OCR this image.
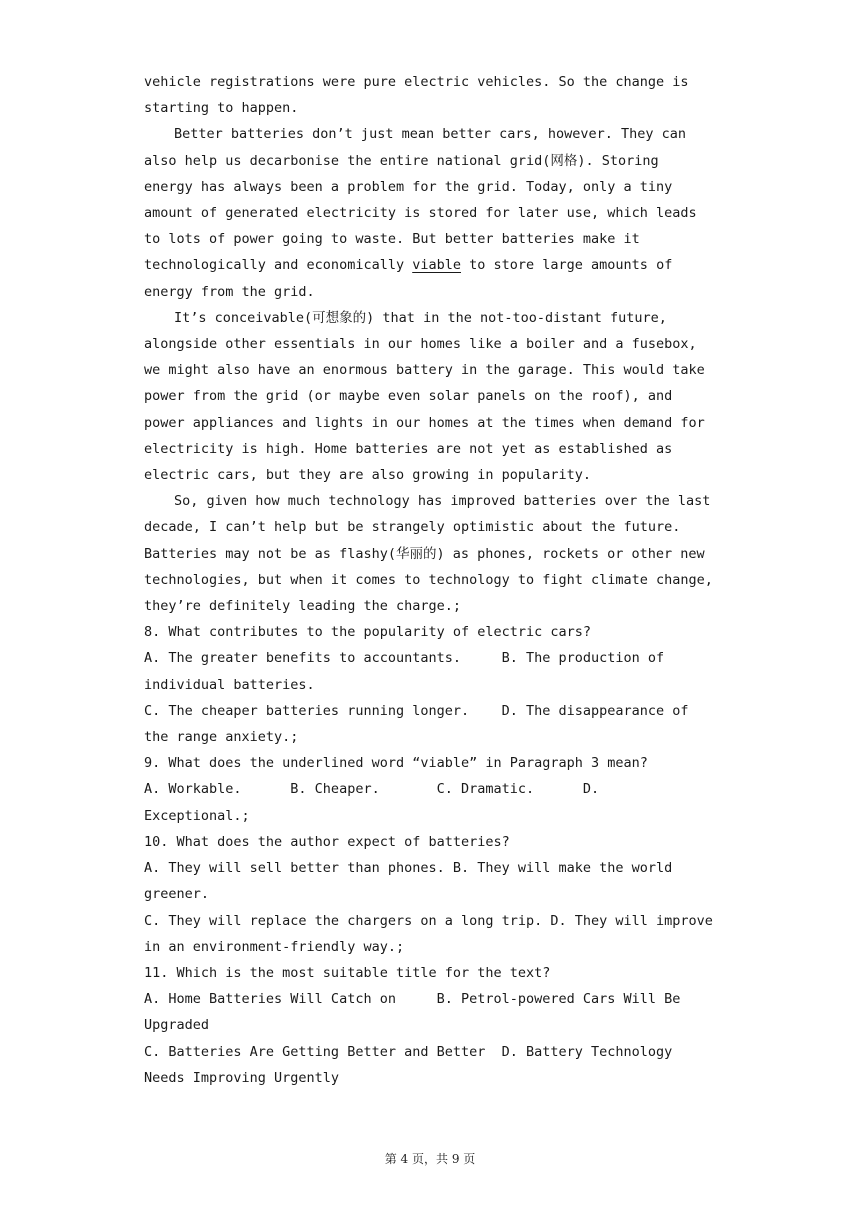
vehicle registrations were pure electric vehicles. So the change is
starting to happen.
Better batteries don’t just mean better cars, however. They can
also help us decarbonise the entire national grid(网格). Storing
energy has always been a problem for the grid. Today, only a tiny
amount of generated electricity is stored for later use, which leads
to lots of power going to waste. But better batteries make it
technologically and economically viable to store large amounts of
energy from the grid.
It’s conceivable(可想象的) that in the not-too-distant future,
alongside other essentials in our homes like a boiler and a fusebox,
we might also have an enormous battery in the garage. This would take
power from the grid (or maybe even solar panels on the roof), and
power appliances and lights in our homes at the times when demand for
electricity is high. Home batteries are not yet as established as
electric cars, but they are also growing in popularity.
So, given how much technology has improved batteries over the last
decade, I can’t help but be strangely optimistic about the future.
Batteries may not be as flashy(华丽的) as phones, rockets or other new
technologies, but when it comes to technology to fight climate change,
they’re definitely leading the charge.;
8. What contributes to the popularity of electric cars?
A. The greater benefits to accountants.     B. The production of
individual batteries.
C. The cheaper batteries running longer.    D. The disappearance of
the range anxiety.;
9. What does the underlined word “viable” in Paragraph 3 mean?
A. Workable.      B. Cheaper.       C. Dramatic.      D.
Exceptional.;
10. What does the author expect of batteries?
A. They will sell better than phones. B. They will make the world
greener.
C. They will replace the chargers on a long trip. D. They will improve
in an environment-friendly way.;
11. Which is the most suitable title for the text?
A. Home Batteries Will Catch on     B. Petrol-powered Cars Will Be
Upgraded
C. Batteries Are Getting Better and Better  D. Battery Technology
Needs Improving Urgently
第 4 页，共 9 页
